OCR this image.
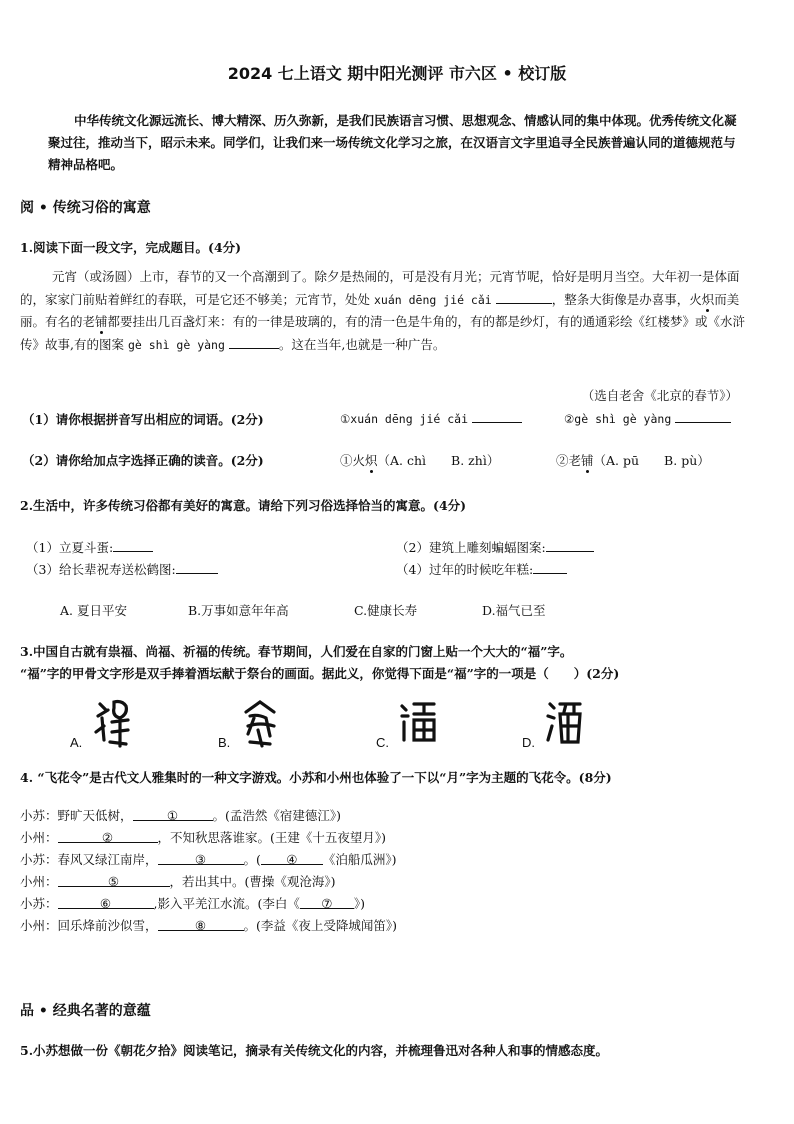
2024 七上语文 期中阳光测评 市六区 • 校订版
中华传统文化源远流长、博大精深、历久弥新，是我们民族语言习惯、思想观念、情感认同的集中体现。优秀传统文化凝聚过往，推动当下，昭示未来。同学们，让我们来一场传统文化学习之旅，在汉语言文字里追寻全民族普遍认同的道德规范与精神品格吧。
阅 • 传统习俗的寓意
1.阅读下面一段文字，完成题目。(4分)
元宵（或汤圆）上市，春节的又一个高潮到了。除夕是热闹的，可是没有月光；元宵节呢，恰好是明月当空。大年初一是体面的，家家门前贴着鲜红的春联，可是它还不够美；元宵节，处处 xuán dēng jié cǎi	，整条大街像是办喜事，火炽而美丽。有名的老铺都要挂出几百盏灯来：有的一律是玻璃的，有的清一色是牛角的，有的都是纱灯，有的通通彩绘《红楼梦》或《水浒传》故事,有的图案 gè shì gè yàng	。这在当年,也就是一种广告。
（选自老舍《北京的春节》）
（1）请你根据拼音写出相应的词语。(2分)	①xuán dēng jié cǎi	②gè shì gè yàng
（2）请你给加点字选择正确的读音。(2分)	①火炽（A. chì　　B. zhì）	②老铺（A. pū　　B. pù）
2.生活中，许多传统习俗都有美好的寓意。请给下列习俗选择恰当的寓意。(4分)
（1）立夏斗蛋:	（2）建筑上雕刻蝙蝠图案:
（3）给长辈祝寿送松鹤图:	（4）过年的时候吃年糕:
A. 夏日平安	B.万事如意年年高	C.健康长寿	D.福气已至
3.中国自古就有祟福、尚福、祈福的传统。春节期间，人们爱在自家的门窗上贴一个大大的“福”字。
“福”字的甲骨文字形是双手捧着酒坛献于祭台的画面。据此义，你觉得下面是“福”字的一项是（　　）(2分)
A.	B.	C.	D.
4. “飞花令”是古代文人雅集时的一种文字游戏。小苏和小州也体验了一下以“月”字为主题的飞花令。(8分)
小苏：野旷天低树，	①	。(孟浩然《宿建德江》)
小州：	②	，不知秋思落谁家。(王建《十五夜望月》)
小苏：春风又绿江南岸，	③	。( ④ 《泊船瓜洲》)
小州：	⑤	，若出其中。(曹操《观沧海》)
小苏：	⑥	,影入平羌江水流。(李白《 ⑦ 》)
小州：回乐烽前沙似雪，	⑧	。(李益《夜上受降城闻笛》)
品 • 经典名著的意蕴
5.小苏想做一份《朝花夕拾》阅读笔记，摘录有关传统文化的内容，并梳理鲁迅对各种人和事的情感态度。
